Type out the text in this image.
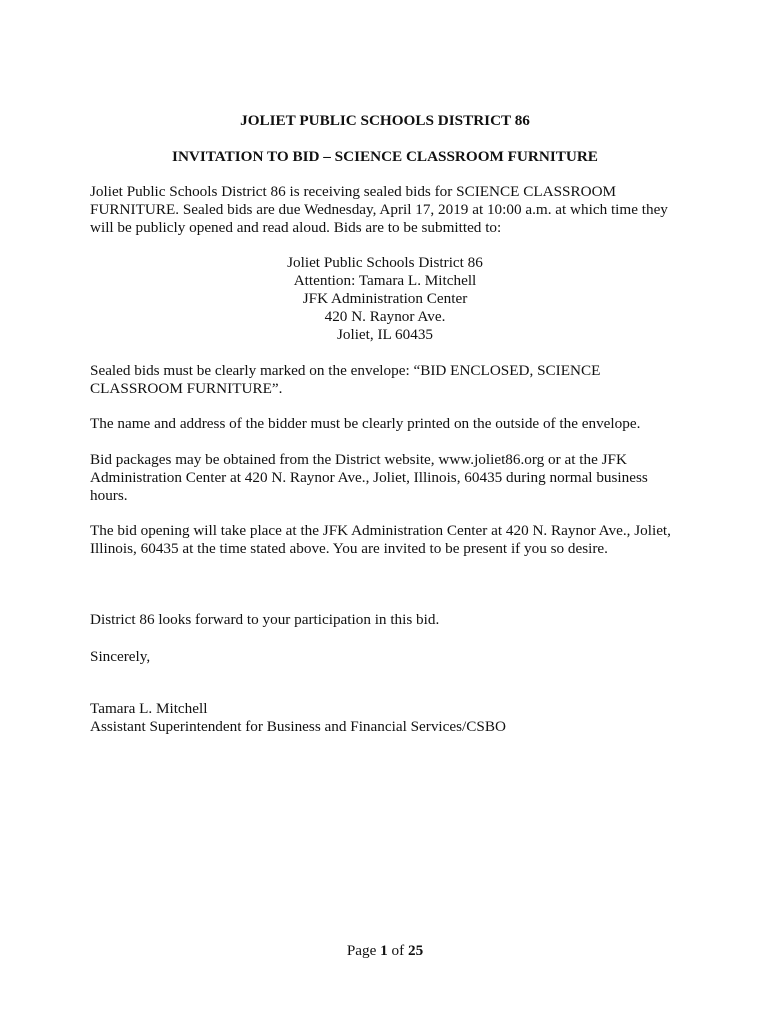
JOLIET PUBLIC SCHOOLS DISTRICT 86
INVITATION TO BID – SCIENCE CLASSROOM FURNITURE
Joliet Public Schools District 86 is receiving sealed bids for SCIENCE CLASSROOM
FURNITURE. Sealed bids are due Wednesday, April 17, 2019 at 10:00 a.m. at which time they
will be publicly opened and read aloud. Bids are to be submitted to:
Joliet Public Schools District 86
Attention: Tamara L. Mitchell
JFK Administration Center
420 N. Raynor Ave.
Joliet, IL 60435
Sealed bids must be clearly marked on the envelope: “BID ENCLOSED, SCIENCE
CLASSROOM FURNITURE”.
The name and address of the bidder must be clearly printed on the outside of the envelope.
Bid packages may be obtained from the District website, www.joliet86.org or at the JFK
Administration Center at 420 N. Raynor Ave., Joliet, Illinois, 60435 during normal business
hours.
The bid opening will take place at the JFK Administration Center at 420 N. Raynor Ave., Joliet,
Illinois, 60435 at the time stated above. You are invited to be present if you so desire.
District 86 looks forward to your participation in this bid.
Sincerely,
Tamara L. Mitchell
Assistant Superintendent for Business and Financial Services/CSBO
Page 1 of 25
